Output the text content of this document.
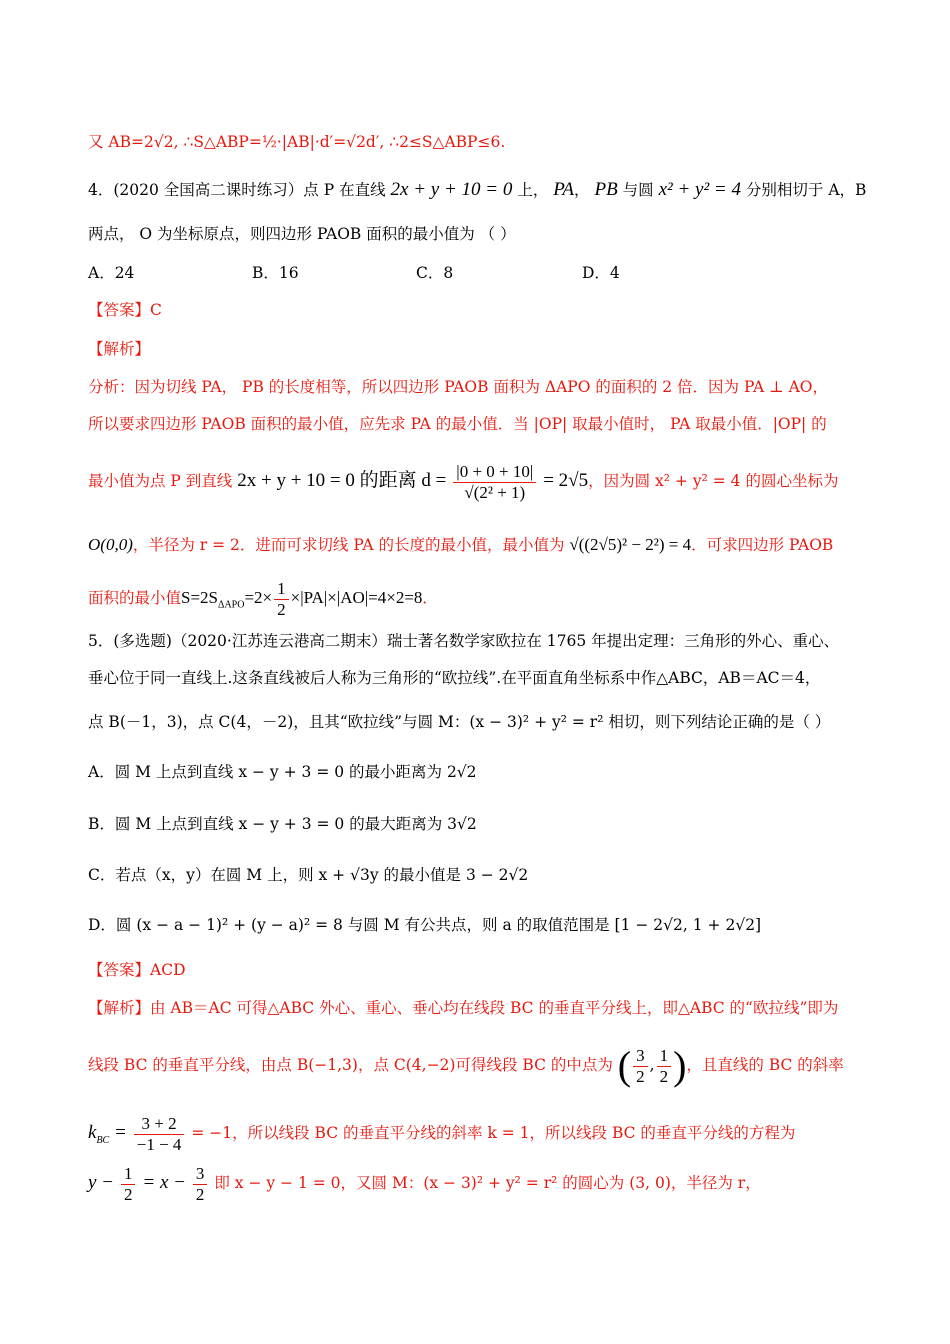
又 AB=2√2, ∴S△ABP=½·|AB|·d′=√2d′, ∴2≤S△ABP≤6.
4．(2020 全国高二课时练习）点 P 在直线 2x + y + 10 = 0 上， PA， PB 与圆 x² + y² = 4 分别相切于 A，B
两点， O 为坐标原点，则四边形 PAOB 面积的最小值为 （ ）
A．24	B．16	C．8	D．4
【答案】C
【解析】
分析：因为切线 PA， PB 的长度相等，所以四边形 PAOB 面积为 ΔAPO 的面积的 2 倍．因为 PA ⊥ AO，
所以要求四边形 PAOB 面积的最小值，应先求 PA 的最小值．当 |OP| 取最小值时， PA 取最小值．|OP| 的
最小值为点 P 到直线 2x + y + 10 = 0 的距离 $d = \frac{|0 + 0 + 10|}{\text{√(2² + 1)}} = 2√5$，因为圆 x² + y² = 4 的圆心坐标为
O(0,0)，半径为 r = 2．进而可求切线 PA 的长度的最小值，最小值为 √((2√5)² − 2²) = 4．可求四边形 PAOB
面积的最小值$S=2S_{\Delta APO}=2\times \frac{1}{2} \times|PA|\times|AO|=4\times 2=8$．
5．(多选题)（2020·江苏连云港高二期末）瑞士著名数学家欧拉在 1765 年提出定理：三角形的外心、重心、
垂心位于同一直线上.这条直线被后人称为三角形的“欧拉线”.在平面直角坐标系中作△ABC，AB＝AC＝4，
点 B(－1，3)，点 C(4，－2)，且其“欧拉线”与圆 M：(x − 3)² + y² = r² 相切，则下列结论正确的是（ ）
A．圆 M 上点到直线 x − y + 3 = 0 的最小距离为 2√2
B．圆 M 上点到直线 x − y + 3 = 0 的最大距离为 3√2
C．若点（x，y）在圆 M 上，则 x + √3y 的最小值是 3 − 2√2
D．圆 (x − a − 1)² + (y − a)² = 8 与圆 M 有公共点，则 a 的取值范围是 [1 − 2√2, 1 + 2√2]
【答案】ACD
【解析】由 AB＝AC 可得△ABC 外心、重心、垂心均在线段 BC 的垂直平分线上，即△ABC 的“欧拉线”即为
线段 BC 的垂直平分线，由点 B(−1,3)，点 C(4,−2)可得线段 BC 的中点为 ( $\frac{3}{2}$ , $\frac{1}{2}$ )，且直线的 BC 的斜率
$k_{BC} = \frac{3 + 2}{-1 - 4} = -1$，所以线段 BC 的垂直平分线的斜率 k = 1，所以线段 BC 的垂直平分线的方程为
$y - \frac{1}{2} = x - \frac{3}{2}$ 即 x − y − 1 = 0，又圆 M：(x − 3)² + y² = r² 的圆心为 (3, 0)，半径为 r，
